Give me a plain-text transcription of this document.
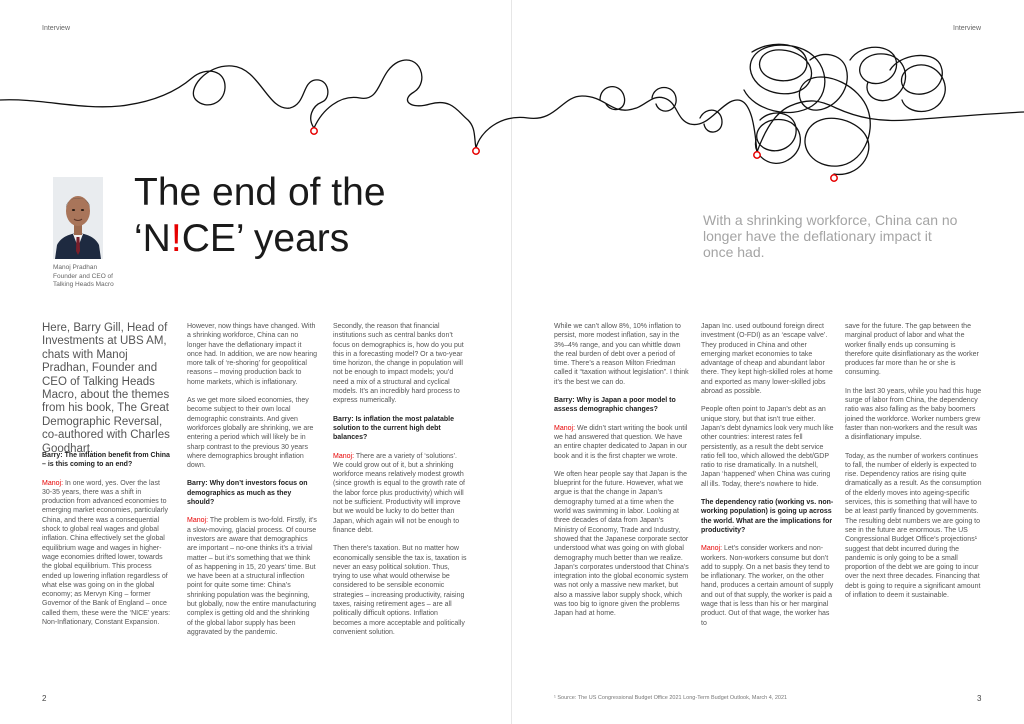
Interview	Interview
Manoj Pradhan
Founder and CEO of Talking Heads Macro
The end of the
‘N!CE’ years	With a shrinking workforce, China can no longer have the deflationary impact it once had.
Here, Barry Gill, Head of Investments at UBS AM, chats with Manoj Pradhan, Founder and CEO of Talking Heads Macro, about the themes from his book, The Great Demographic Reversal, co-authored with Charles Goodhart.

Barry: The inflation benefit from China – is this coming to an end?

Manoj: In one word, yes. Over the last 30-35 years, there was a shift in production from advanced economies to emerging market economies, particularly China, and there was a consequential shock to global real wages and global inflation. China effectively set the global equilibrium wage and wages in higher-wage economies drifted lower, towards the global equilibrium. This process ended up lowering inflation regardless of what else was going on in the global economy; as Mervyn King – former Governor of the Bank of England – once called them, these were the ‘NICE’ years: Non-Inflationary, Constant Expansion.

However, now things have changed. With a shrinking workforce, China can no longer have the deflationary impact it once had. In addition, we are now hearing more talk of ‘re-shoring’ for geopolitical reasons – moving production back to home markets, which is inflationary.

As we get more siloed economies, they become subject to their own local demographic constraints. And given workforces globally are shrinking, we are entering a period which will likely be in sharp contrast to the previous 30 years where demographics brought inflation down.

Barry: Why don’t investors focus on demographics as much as they should?

Manoj: The problem is two-fold. Firstly, it’s a slow-moving, glacial process. Of course investors are aware that demographics are important – no-one thinks it’s a trivial matter – but it’s something that we think of as happening in 15, 20 years’ time. But we have been at a structural inflection point for quite some time: China’s shrinking population was the beginning, but globally, now the entire manufacturing complex is getting old and the shrinking of the global labor supply has been aggravated by the pandemic.

Secondly, the reason that financial institutions such as central banks don’t focus on demographics is, how do you put this in a forecasting model? Or a two-year time horizon, the change in population will not be enough to impact models; you’d need a mix of a structural and cyclical models. It’s an incredibly hard process to express numerically.

Barry: Is inflation the most palatable solution to the current high debt balances?

Manoj: There are a variety of ‘solutions’. We could grow out of it, but a shrinking workforce means relatively modest growth (since growth is equal to the growth rate of the labor force plus productivity) which will not be sufficient. Productivity will improve but we would be lucky to do better than Japan, which again will not be enough to finance debt.

Then there’s taxation. But no matter how economically sensible the tax is, taxation is never an easy political solution. Thus, trying to use what would otherwise be considered to be sensible economic strategies – increasing productivity, raising taxes, raising retirement ages – are all politically difficult options. Inflation becomes a more acceptable and politically convenient solution.

While we can’t allow 8%, 10% inflation to persist, more modest inflation, say in the 3%–4% range, and you can whittle down the real burden of debt over a period of time. There’s a reason Milton Friedman called it “taxation without legislation”. I think it’s the best we can do.

Barry: Why is Japan a poor model to assess demographic changes?

Manoj: We didn’t start writing the book until we had answered that question. We have an entire chapter dedicated to Japan in our book and it is the first chapter we wrote.

We often hear people say that Japan is the blueprint for the future. However, what we argue is that the change in Japan’s demography turned at a time when the world was swimming in labor. Looking at three decades of data from Japan’s Ministry of Economy, Trade and Industry, showed that the Japanese corporate sector understood what was going on with global demography much better than we realize. Japan’s corporates understood that China’s integration into the global economic system was not only a massive new market, but also a massive labor supply shock, which was too big to ignore given the problems Japan had at home.

Japan Inc. used outbound foreign direct investment (O-FDI) as an ‘escape valve’. They produced in China and other emerging market economies to take advantage of cheap and abundant labor there. They kept high-skilled roles at home and exported as many lower-skilled jobs abroad as possible.

People often point to Japan’s debt as an unique story, but that isn’t true either. Japan’s debt dynamics look very much like other countries: interest rates fell persistently, as a result the debt service ratio fell too, which allowed the debt/GDP ratio to rise dramatically. In a nutshell, Japan ‘happened’ when China was curing all ills. Today, there’s nowhere to hide.

The dependency ratio (working vs. non-working population) is going up across the world. What are the implications for productivity?

Manoj: Let’s consider workers and non-workers. Non-workers consume but don’t add to supply. On a net basis they tend to be inflationary. The worker, on the other hand, produces a certain amount of supply and out of that supply, the worker is paid a wage that is less than his or her marginal product. Out of that wage, the worker has to

save for the future. The gap between the marginal product of labor and what the worker finally ends up consuming is therefore quite disinflationary as the worker produces far more than he or she is consuming.

In the last 30 years, while you had this huge surge of labor from China, the dependency ratio was also falling as the baby boomers joined the workforce. Worker numbers grew faster than non-workers and the result was a disinflationary impulse.

Today, as the number of workers continues to fall, the number of elderly is expected to rise. Dependency ratios are rising quite dramatically as a result. As the consumption of the elderly moves into ageing-specific services, this is something that will have to be at least partly financed by governments. The resulting debt numbers we are going to see in the future are enormous. The US Congressional Budget Office’s projections¹ suggest that debt incurred during the pandemic is only going to be a small proportion of the debt we are going to incur over the next three decades. Financing that debt is going to require a significant amount of inflation to deem it sustainable.

¹ Source: The US Congressional Budget Office 2021 Long-Term Budget Outlook, March 4, 2021
2	3
